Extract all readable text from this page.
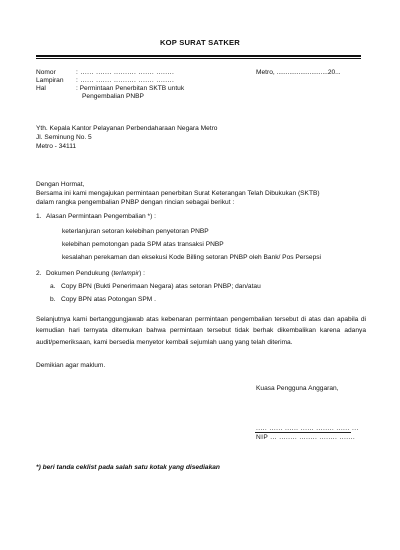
KOP SURAT SATKER
Nomor	: ...... ....... .......... ....... ........	Metro, ............................20...
Lampiran : ...... ....... .......... ....... ........
Hal	: Permintaan Penerbitan SKTB untuk
Pengembalian PNBP
Yth. Kepala Kantor Pelayanan Perbendaharaan Negara Metro
Jl. Seminung No. 5
Metro - 34111
Dengan Hormat,
Bersama ini kami mengajukan permintaan penerbitan Surat Keterangan Telah Dibukukan (SKTB)
dalam rangka pengembalian PNBP dengan rincian sebagai berikut :
1. Alasan Permintaan Pengembalian *) :
keterlanjuran setoran kelebihan penyetoran PNBP
kelebihan pemotongan pada SPM atas transaksi PNBP
kesalahan perekaman dan eksekusi Kode Billing setoran PNBP oleh Bank/ Pos Persepsi
2. Dokumen Pendukung (terlampir) :
a. Copy BPN (Bukti Penerimaan Negara) atas setoran PNBP; dan/atau
b. Copy BPN atas Potongan SPM .
Selanjutnya kami bertanggungjawab atas kebenaran permintaan pengembalian tersebut di atas dan apabila di kemudian hari ternyata ditemukan bahwa permintaan tersebut tidak berhak dikembalikan karena adanya audit/pemeriksaan, kami bersedia menyetor kembali sejumlah uang yang telah diterima.
Demikian agar maklum.
Kuasa Pengguna Anggaran,
..... ...... ...... ...... ........ ...... ...
NIP ... ........ ........ ........ .......
*) beri tanda ceklist pada salah satu kotak yang disediakan
